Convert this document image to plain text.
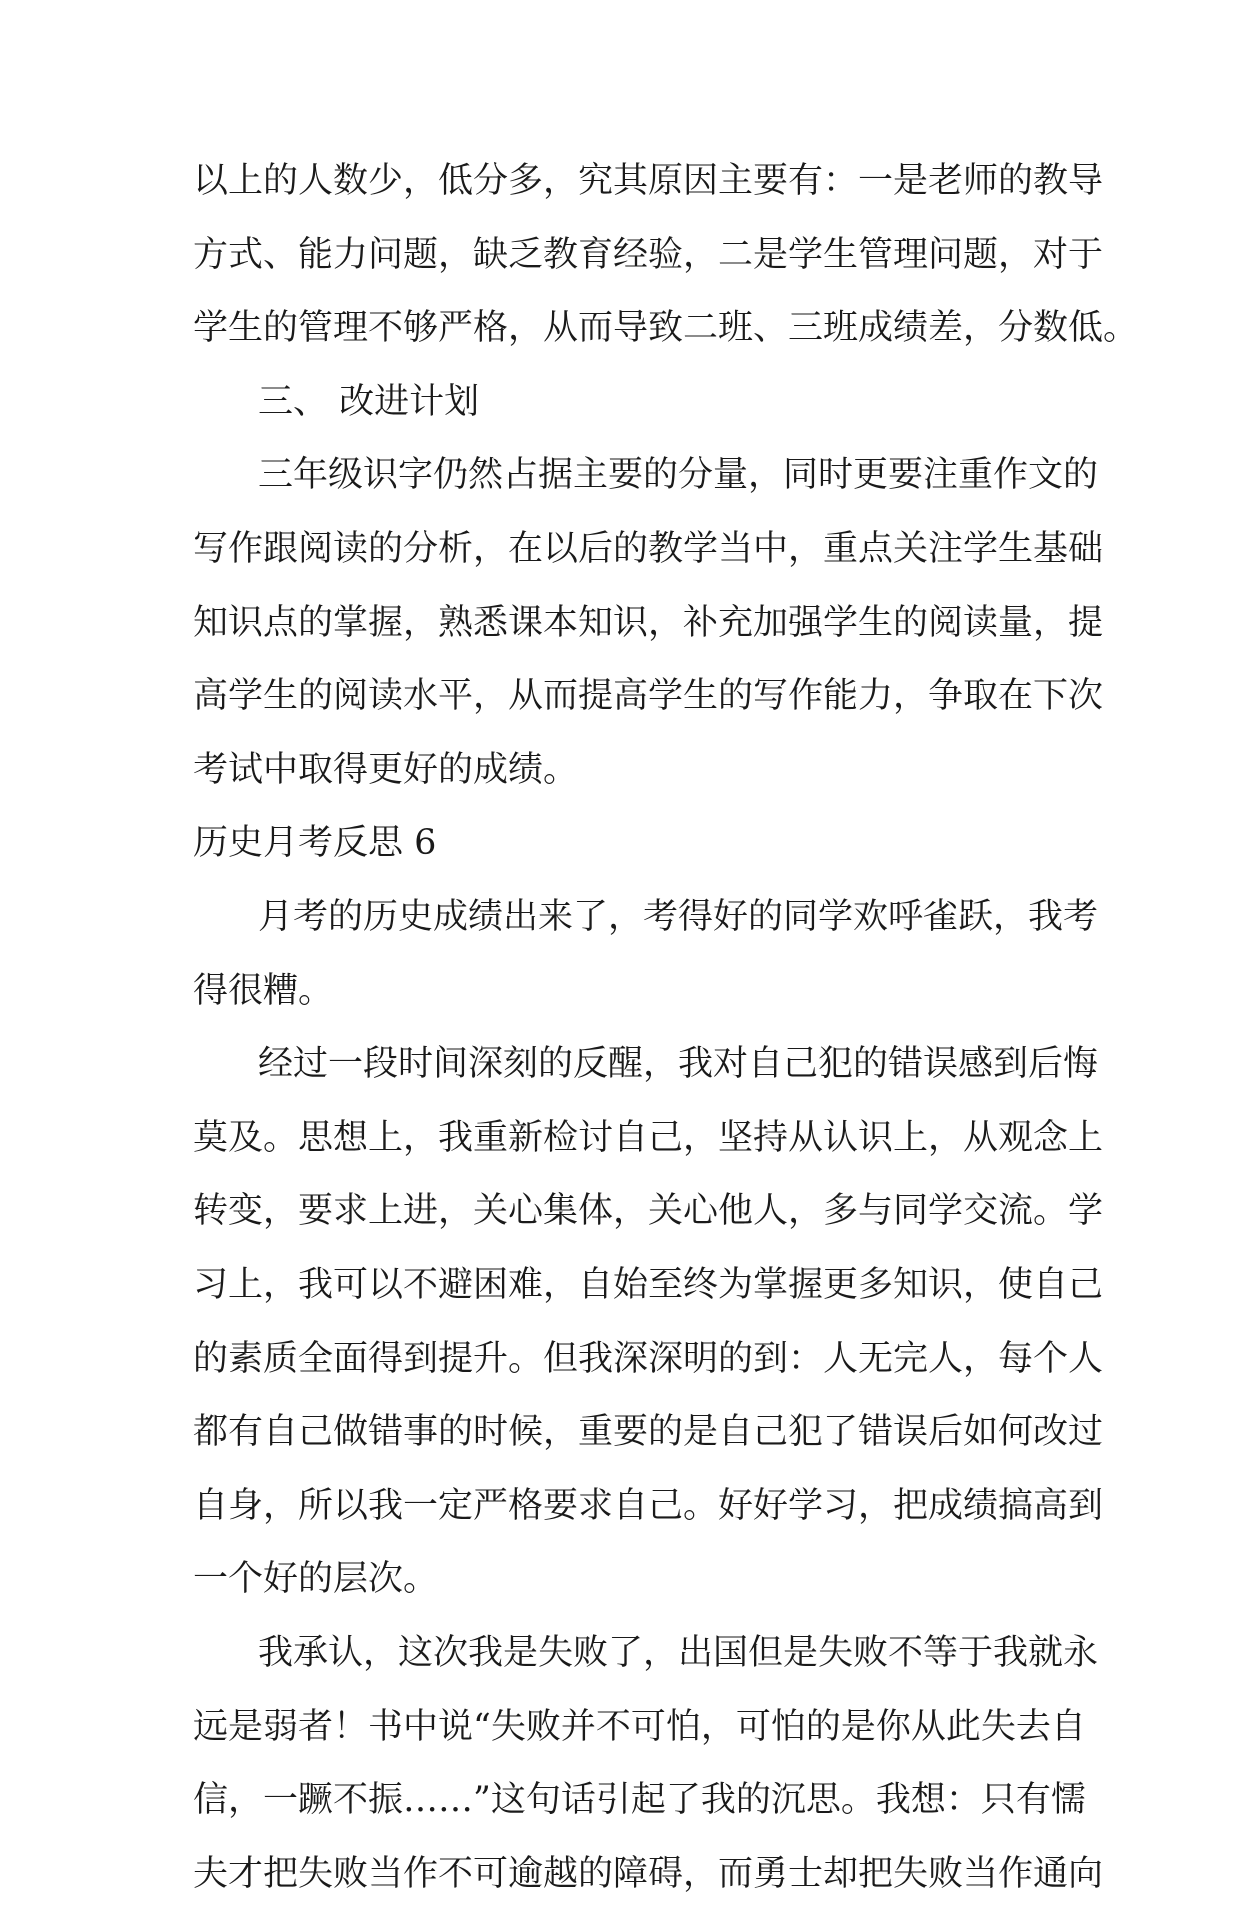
以上的人数少，低分多，究其原因主要有：一是老师的教导
方式、能力问题，缺乏教育经验，二是学生管理问题，对于
学生的管理不够严格，从而导致二班、三班成绩差，分数低。
三、 改进计划
三年级识字仍然占据主要的分量，同时更要注重作文的
写作跟阅读的分析，在以后的教学当中，重点关注学生基础
知识点的掌握，熟悉课本知识，补充加强学生的阅读量，提
高学生的阅读水平，从而提高学生的写作能力，争取在下次
考试中取得更好的成绩。
历史月考反思 6
月考的历史成绩出来了，考得好的同学欢呼雀跃，我考
得很糟。
经过一段时间深刻的反醒，我对自己犯的错误感到后悔
莫及。思想上，我重新检讨自己，坚持从认识上，从观念上
转变，要求上进，关心集体，关心他人，多与同学交流。学
习上，我可以不避困难，自始至终为掌握更多知识，使自己
的素质全面得到提升。但我深深明的到：人无完人，每个人
都有自己做错事的时候，重要的是自己犯了错误后如何改过
自身，所以我一定严格要求自己。好好学习，把成绩搞高到
一个好的层次。
我承认，这次我是失败了，出国但是失败不等于我就永
远是弱者！书中说“失败并不可怕，可怕的是你从此失去自
信，一蹶不振……”这句话引起了我的沉思。我想：只有懦
夫才把失败当作不可逾越的障碍，而勇士却把失败当作通向
